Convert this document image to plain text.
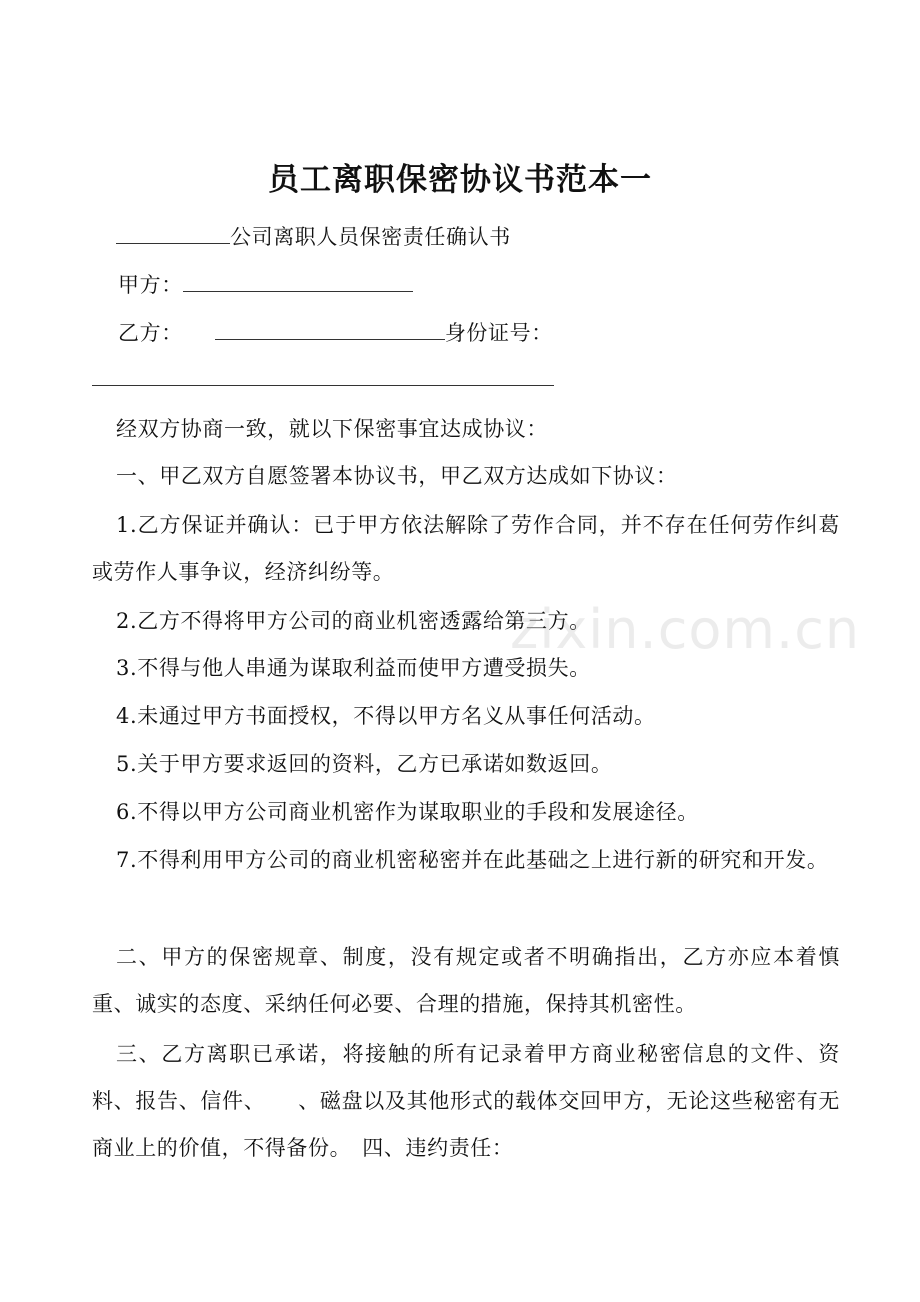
员工离职保密协议书范本一
公司离职人员保密责任确认书
甲方：
乙方：	身份证号：

经双方协商一致，就以下保密事宜达成协议：

一、甲乙双方自愿签署本协议书，甲乙双方达成如下协议：

1.乙方保证并确认：已于甲方依法解除了劳作合同，并不存在任何劳作纠葛或劳作人事争议，经济纠纷等。

2.乙方不得将甲方公司的商业机密透露给第三方。

3.不得与他人串通为谋取利益而使甲方遭受损失。

4.未通过甲方书面授权，不得以甲方名义从事任何活动。

5.关于甲方要求返回的资料，乙方已承诺如数返回。

6.不得以甲方公司商业机密作为谋取职业的手段和发展途径。

7.不得利用甲方公司的商业机密秘密并在此基础之上进行新的研究和开发。

二、甲方的保密规章、制度，没有规定或者不明确指出，乙方亦应本着慎重、诚实的态度、采纳任何必要、合理的措施，保持其机密性。

三、乙方离职已承诺，将接触的所有记录着甲方商业秘密信息的文件、资料、报告、信件、　　、磁盘以及其他形式的载体交回甲方，无论这些秘密有无商业上的价值，不得备份。　四、违约责任：

zixin.com.cn
